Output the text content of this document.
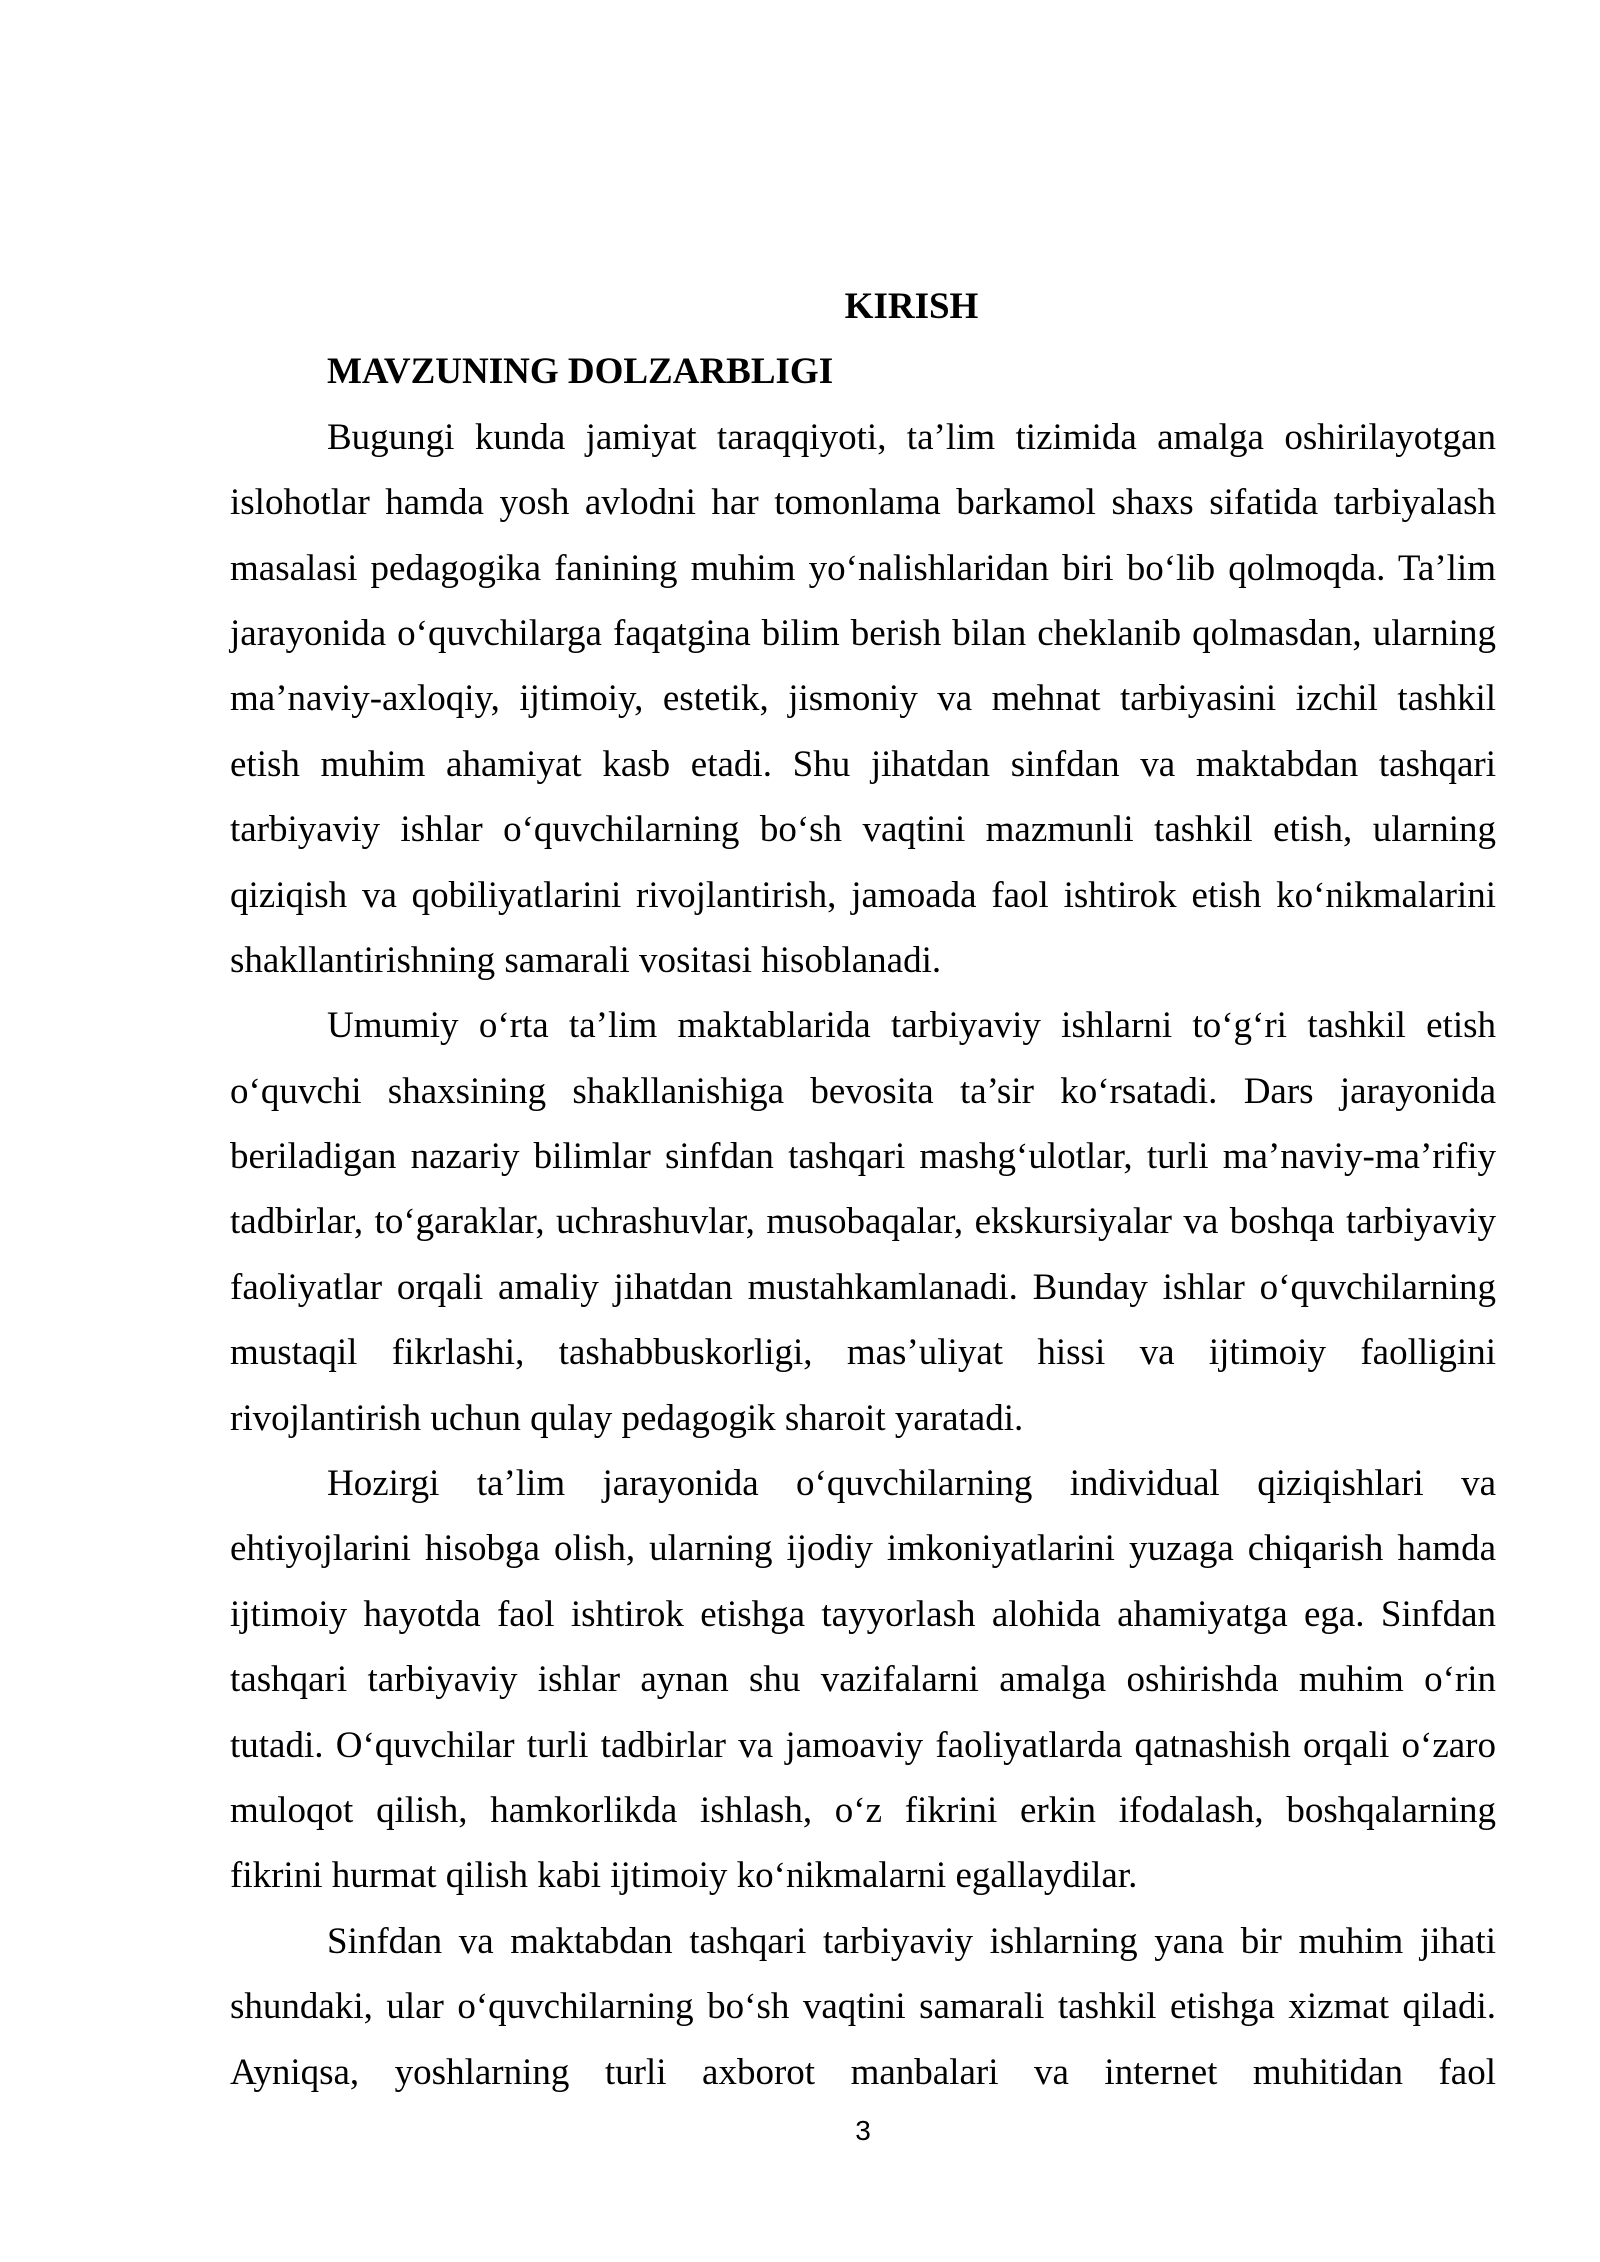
KIRISH
MAVZUNING DOLZARBLIGI
Bugungi kunda jamiyat taraqqiyoti, ta’lim tizimida amalga oshirilayotgan
islohotlar hamda yosh avlodni har tomonlama barkamol shaxs sifatida tarbiyalash
masalasi pedagogika fanining muhim yo‘nalishlaridan biri bo‘lib qolmoqda. Ta’lim
jarayonida o‘quvchilarga faqatgina bilim berish bilan cheklanib qolmasdan, ularning
ma’naviy-axloqiy, ijtimoiy, estetik, jismoniy va mehnat tarbiyasini izchil tashkil
etish muhim ahamiyat kasb etadi. Shu jihatdan sinfdan va maktabdan tashqari
tarbiyaviy ishlar o‘quvchilarning bo‘sh vaqtini mazmunli tashkil etish, ularning
qiziqish va qobiliyatlarini rivojlantirish, jamoada faol ishtirok etish ko‘nikmalarini
shakllantirishning samarali vositasi hisoblanadi.
Umumiy o‘rta ta’lim maktablarida tarbiyaviy ishlarni to‘g‘ri tashkil etish
o‘quvchi shaxsining shakllanishiga bevosita ta’sir ko‘rsatadi. Dars jarayonida
beriladigan nazariy bilimlar sinfdan tashqari mashg‘ulotlar, turli ma’naviy-ma’rifiy
tadbirlar, to‘garaklar, uchrashuvlar, musobaqalar, ekskursiyalar va boshqa tarbiyaviy
faoliyatlar orqali amaliy jihatdan mustahkamlanadi. Bunday ishlar o‘quvchilarning
mustaqil fikrlashi, tashabbuskorligi, mas’uliyat hissi va ijtimoiy faolligini
rivojlantirish uchun qulay pedagogik sharoit yaratadi.
Hozirgi ta’lim jarayonida o‘quvchilarning individual qiziqishlari va
ehtiyojlarini hisobga olish, ularning ijodiy imkoniyatlarini yuzaga chiqarish hamda
ijtimoiy hayotda faol ishtirok etishga tayyorlash alohida ahamiyatga ega. Sinfdan
tashqari tarbiyaviy ishlar aynan shu vazifalarni amalga oshirishda muhim o‘rin
tutadi. O‘quvchilar turli tadbirlar va jamoaviy faoliyatlarda qatnashish orqali o‘zaro
muloqot qilish, hamkorlikda ishlash, o‘z fikrini erkin ifodalash, boshqalarning
fikrini hurmat qilish kabi ijtimoiy ko‘nikmalarni egallaydilar.
Sinfdan va maktabdan tashqari tarbiyaviy ishlarning yana bir muhim jihati
shundaki, ular o‘quvchilarning bo‘sh vaqtini samarali tashkil etishga xizmat qiladi.
Ayniqsa, yoshlarning turli axborot manbalari va internet muhitidan faol
3
